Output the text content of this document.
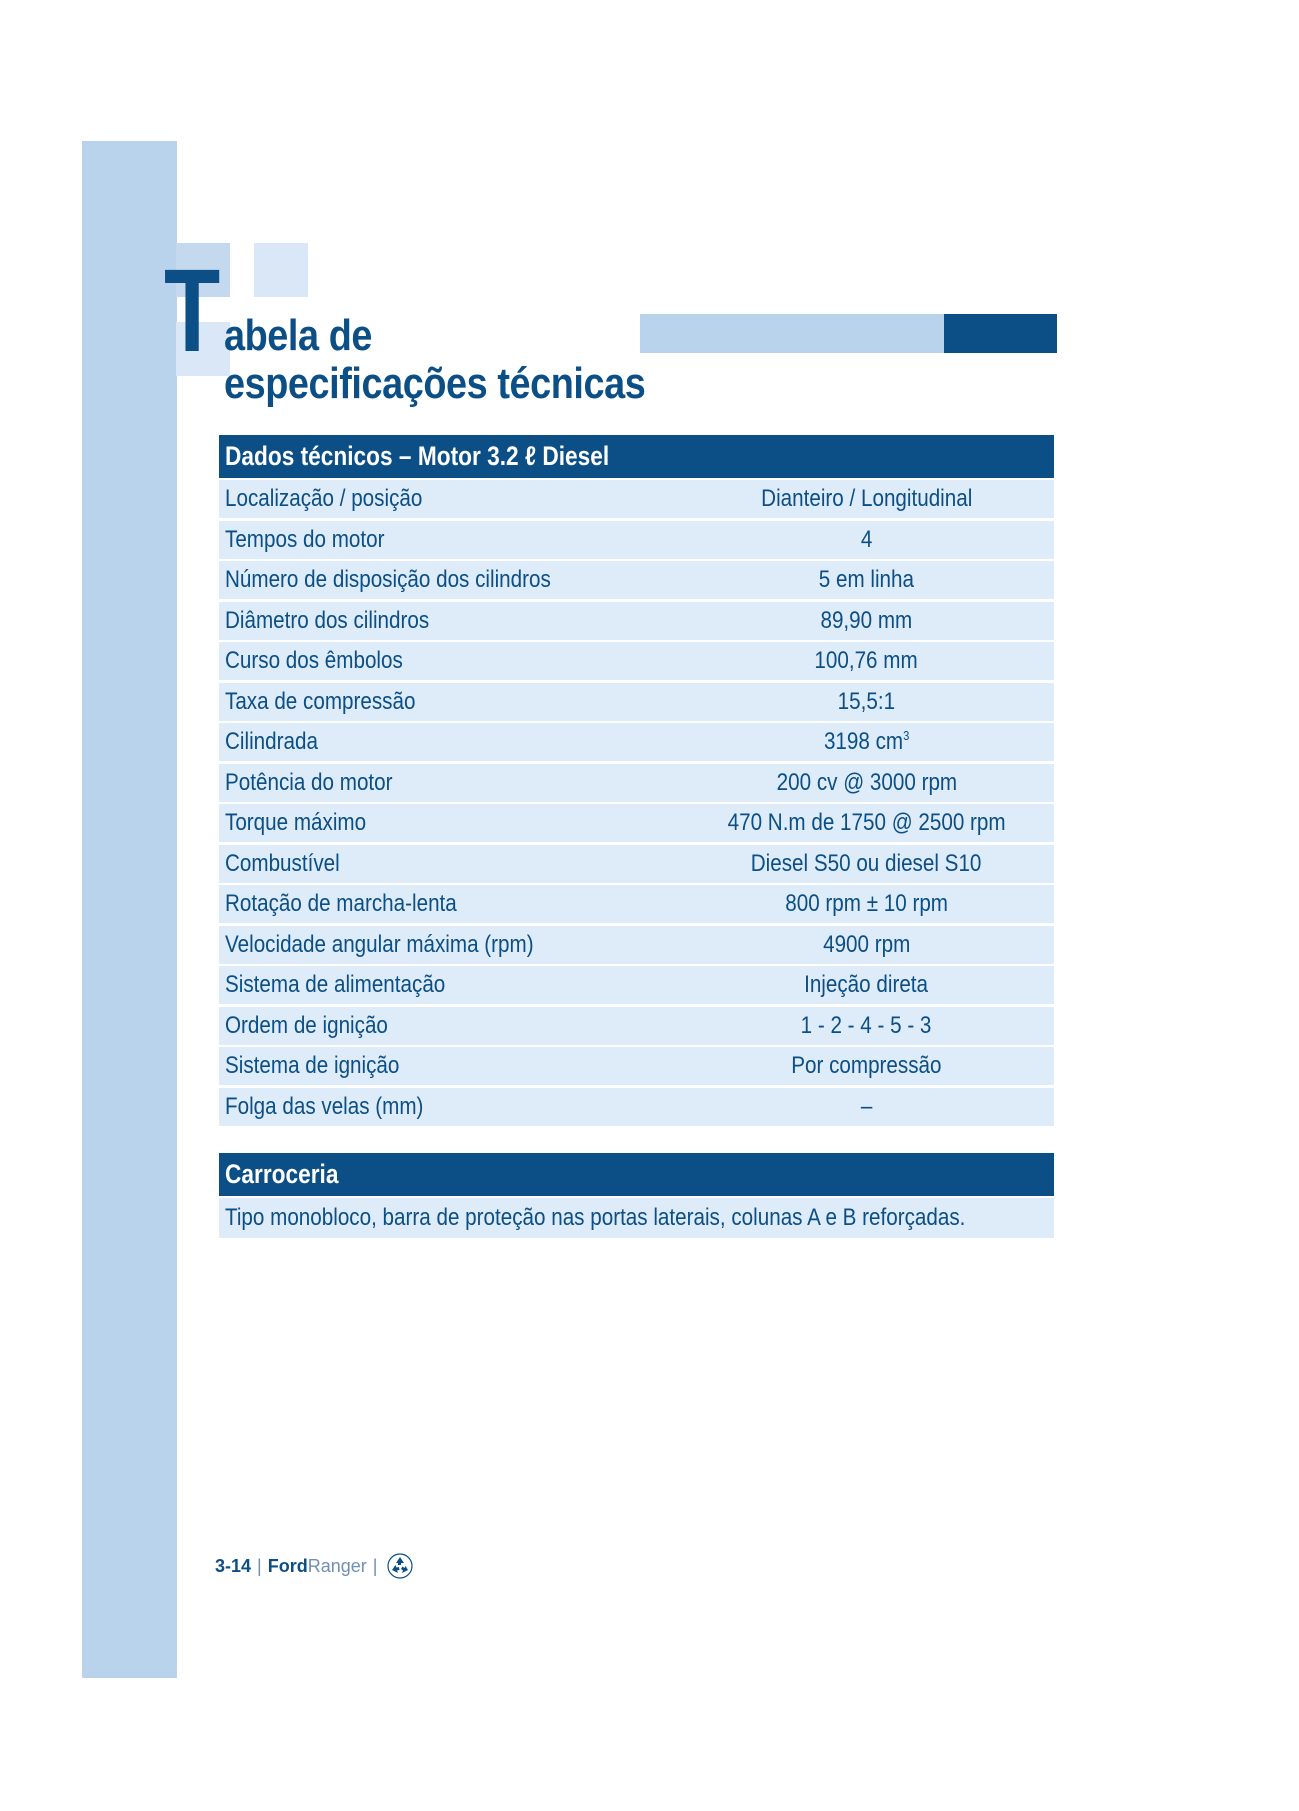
T abela de
especificações técnicas
Dados técnicos – Motor 3.2 ℓ Diesel
Localização / posição	Dianteiro / Longitudinal
Tempos do motor	4
Número de disposição dos cilindros	5 em linha
Diâmetro dos cilindros	89,90 mm
Curso dos êmbolos	100,76 mm
Taxa de compressão	15,5:1
Cilindrada	3198 cm3
Potência do motor	200 cv @ 3000 rpm
Torque máximo	470 N.m de 1750 @ 2500 rpm
Combustível	Diesel S50 ou diesel S10
Rotação de marcha-lenta	800 rpm ± 10 rpm
Velocidade angular máxima (rpm)	4900 rpm
Sistema de alimentação	Injeção direta
Ordem de ignição	1 - 2 - 4 - 5 - 3
Sistema de ignição	Por compressão
Folga das velas (mm)	–
Carroceria
Tipo monobloco, barra de proteção nas portas laterais, colunas A e B reforçadas.
3-14 | Ford Ranger |
